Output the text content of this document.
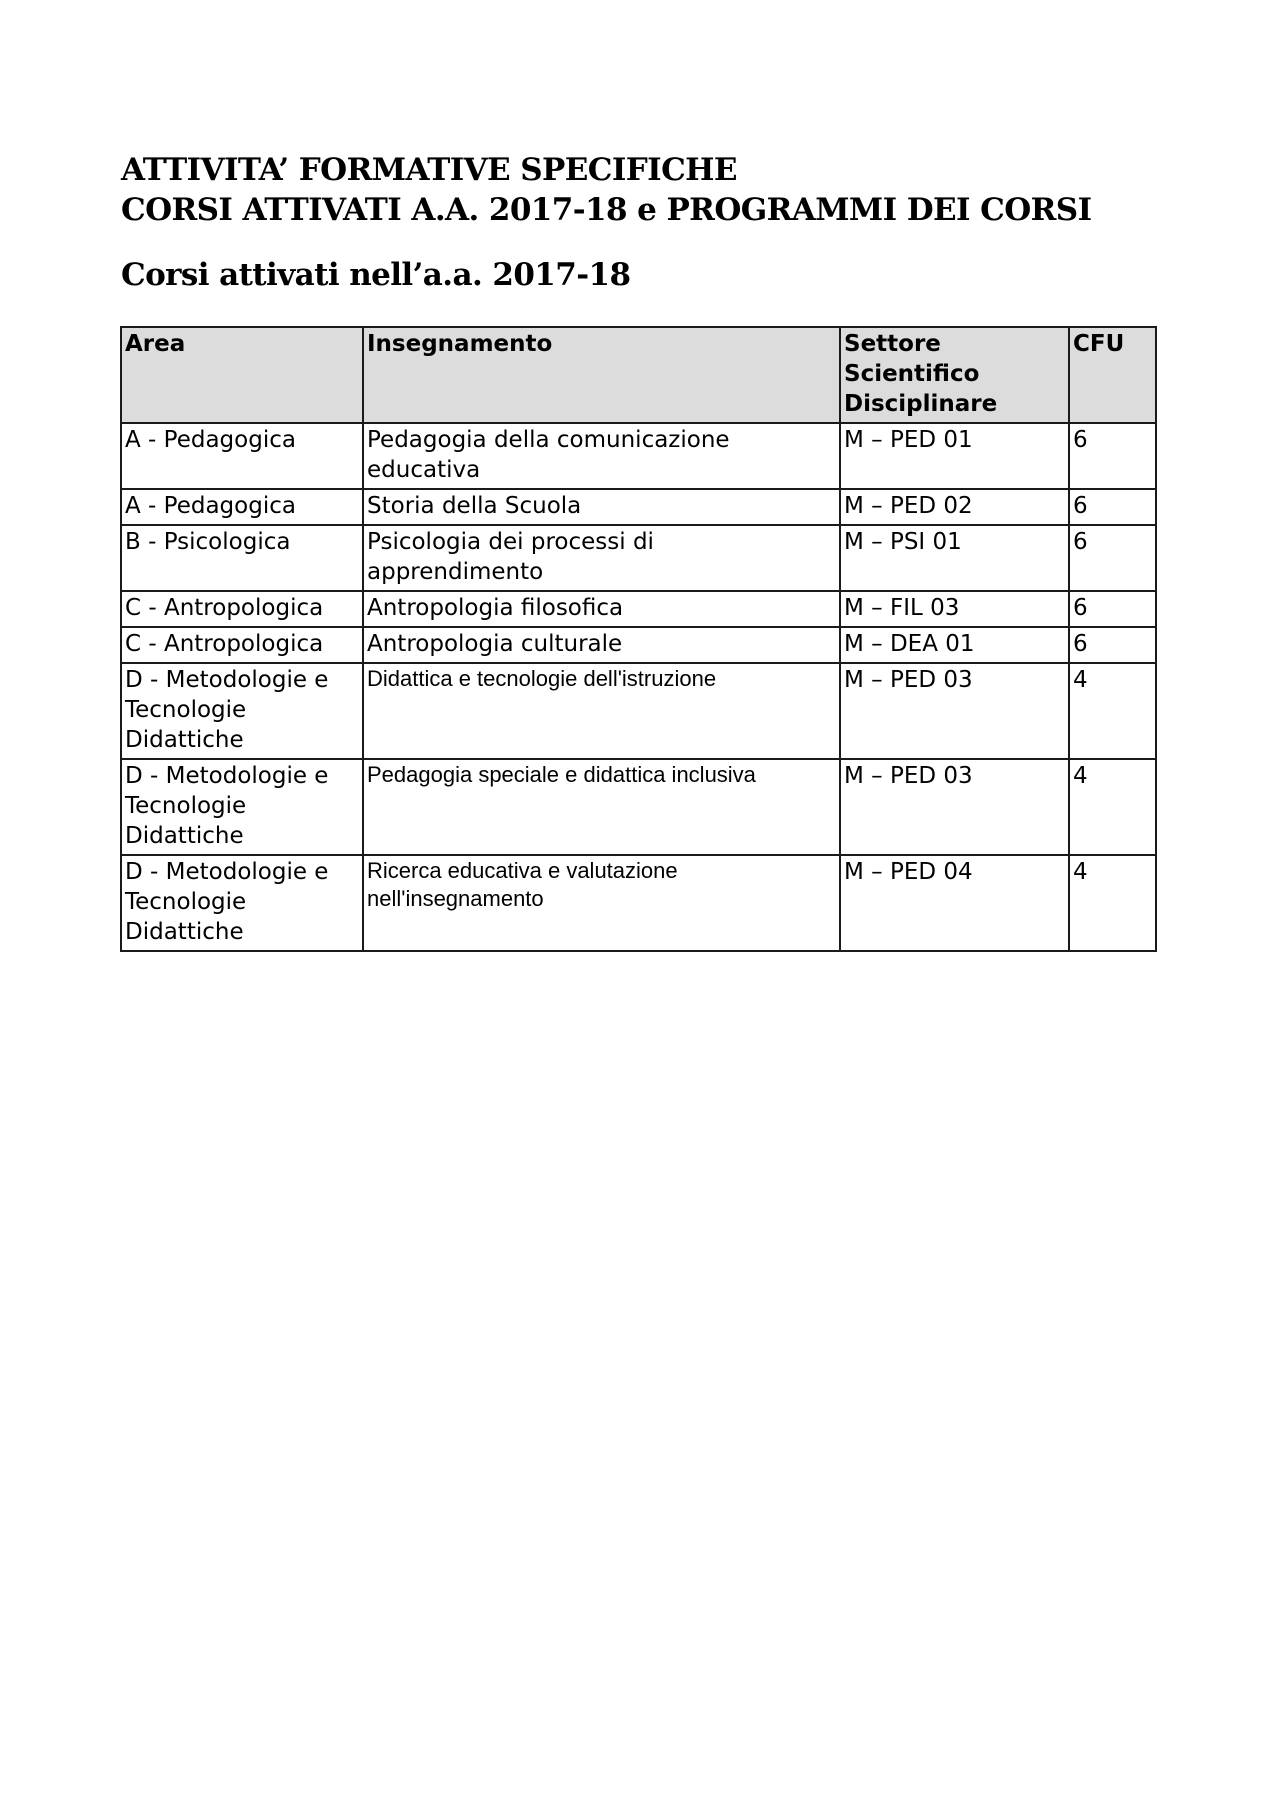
ATTIVITA’ FORMATIVE SPECIFICHE
CORSI ATTIVATI A.A. 2017-18 e PROGRAMMI DEI CORSI
Corsi attivati nell’a.a. 2017-18
Area	Insegnamento	Settore Scientifico Disciplinare	CFU
A - Pedagogica	Pedagogia della comunicazione educativa	M – PED 01	6
A - Pedagogica	Storia della Scuola	M – PED 02	6
B - Psicologica	Psicologia dei processi di apprendimento	M – PSI 01	6
C - Antropologica	Antropologia filosofica	M – FIL 03	6
C - Antropologica	Antropologia culturale	M – DEA 01	6
D - Metodologie e Tecnologie Didattiche	Didattica e tecnologie dell'istruzione	M – PED 03	4
D - Metodologie e Tecnologie Didattiche	Pedagogia speciale e didattica inclusiva	M – PED 03	4
D - Metodologie e Tecnologie Didattiche	Ricerca educativa e valutazione nell'insegnamento	M – PED 04	4
